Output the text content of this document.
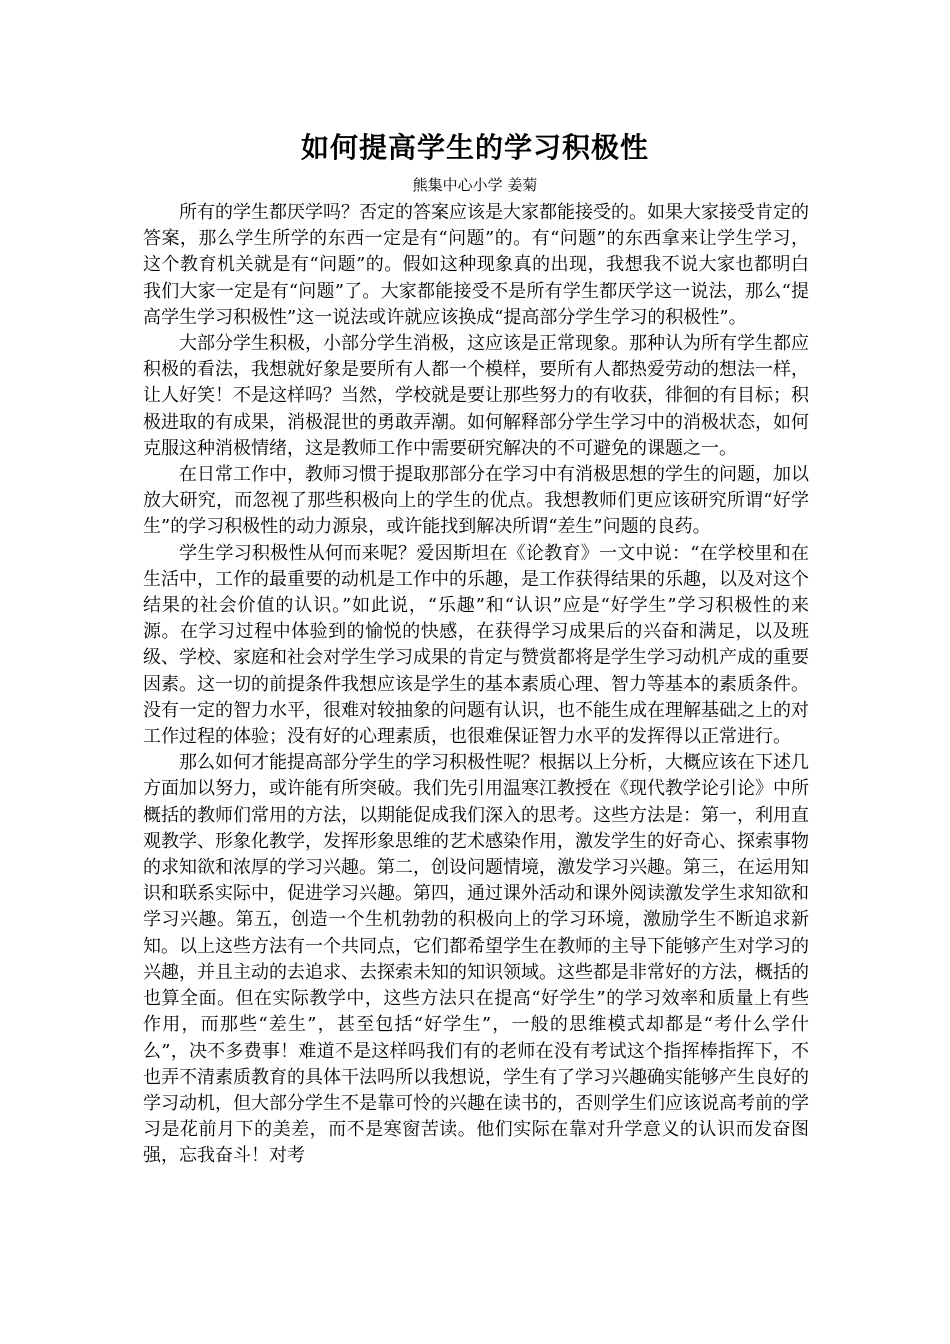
如何提高学生的学习积极性
熊集中心小学 姜菊

所有的学生都厌学吗？否定的答案应该是大家都能接受的。如果大家接受肯定的答案，那么学生所学的东西一定是有“问题”的。有“问题”的东西拿来让学生学习，这个教育机关就是有“问题”的。假如这种现象真的出现，我想我不说大家也都明白我们大家一定是有“问题”了。大家都能接受不是所有学生都厌学这一说法，那么“提高学生学习积极性”这一说法或许就应该换成“提高部分学生学习的积极性”。

大部分学生积极，小部分学生消极，这应该是正常现象。那种认为所有学生都应积极的看法，我想就好象是要所有人都一个模样，要所有人都热爱劳动的想法一样，让人好笑！不是这样吗？当然，学校就是要让那些努力的有收获，徘徊的有目标；积极进取的有成果，消极混世的勇敢弄潮。如何解释部分学生学习中的消极状态，如何克服这种消极情绪，这是教师工作中需要研究解决的不可避免的课题之一。

在日常工作中，教师习惯于提取那部分在学习中有消极思想的学生的问题，加以放大研究，而忽视了那些积极向上的学生的优点。我想教师们更应该研究所谓“好学生”的学习积极性的动力源泉，或许能找到解决所谓“差生”问题的良药。

学生学习积极性从何而来呢？爱因斯坦在《论教育》一文中说：“在学校里和在生活中，工作的最重要的动机是工作中的乐趣，是工作获得结果的乐趣，以及对这个结果的社会价值的认识。”如此说，“乐趣”和“认识”应是“好学生”学习积极性的来源。在学习过程中体验到的愉悦的快感，在获得学习成果后的兴奋和满足，以及班级、学校、家庭和社会对学生学习成果的肯定与赞赏都将是学生学习动机产成的重要因素。这一切的前提条件我想应该是学生的基本素质心理、智力等基本的素质条件。没有一定的智力水平，很难对较抽象的问题有认识，也不能生成在理解基础之上的对工作过程的体验；没有好的心理素质，也很难保证智力水平的发挥得以正常进行。

那么如何才能提高部分学生的学习积极性呢？根据以上分析，大概应该在下述几方面加以努力，或许能有所突破。我们先引用温寒江教授在《现代教学论引论》中所概括的教师们常用的方法，以期能促成我们深入的思考。这些方法是：第一，利用直观教学、形象化教学，发挥形象思维的艺术感染作用，激发学生的好奇心、探索事物的求知欲和浓厚的学习兴趣。第二，创设问题情境，激发学习兴趣。第三，在运用知识和联系实际中，促进学习兴趣。第四，通过课外活动和课外阅读激发学生求知欲和学习兴趣。第五，创造一个生机勃勃的积极向上的学习环境，激励学生不断追求新知。以上这些方法有一个共同点，它们都希望学生在教师的主导下能够产生对学习的兴趣，并且主动的去追求、去探索未知的知识领域。这些都是非常好的方法，概括的也算全面。但在实际教学中，这些方法只在提高“好学生”的学习效率和质量上有些作用，而那些“差生”，甚至包括“好学生”，一般的思维模式却都是“考什么学什么”，决不多费事！难道不是这样吗我们有的老师在没有考试这个指挥棒指挥下，不也弄不清素质教育的具体干法吗所以我想说，学生有了学习兴趣确实能够产生良好的学习动机，但大部分学生不是靠可怜的兴趣在读书的，否则学生们应该说高考前的学习是花前月下的美差，而不是寒窗苦读。他们实际在靠对升学意义的认识而发奋图强，忘我奋斗！对考
